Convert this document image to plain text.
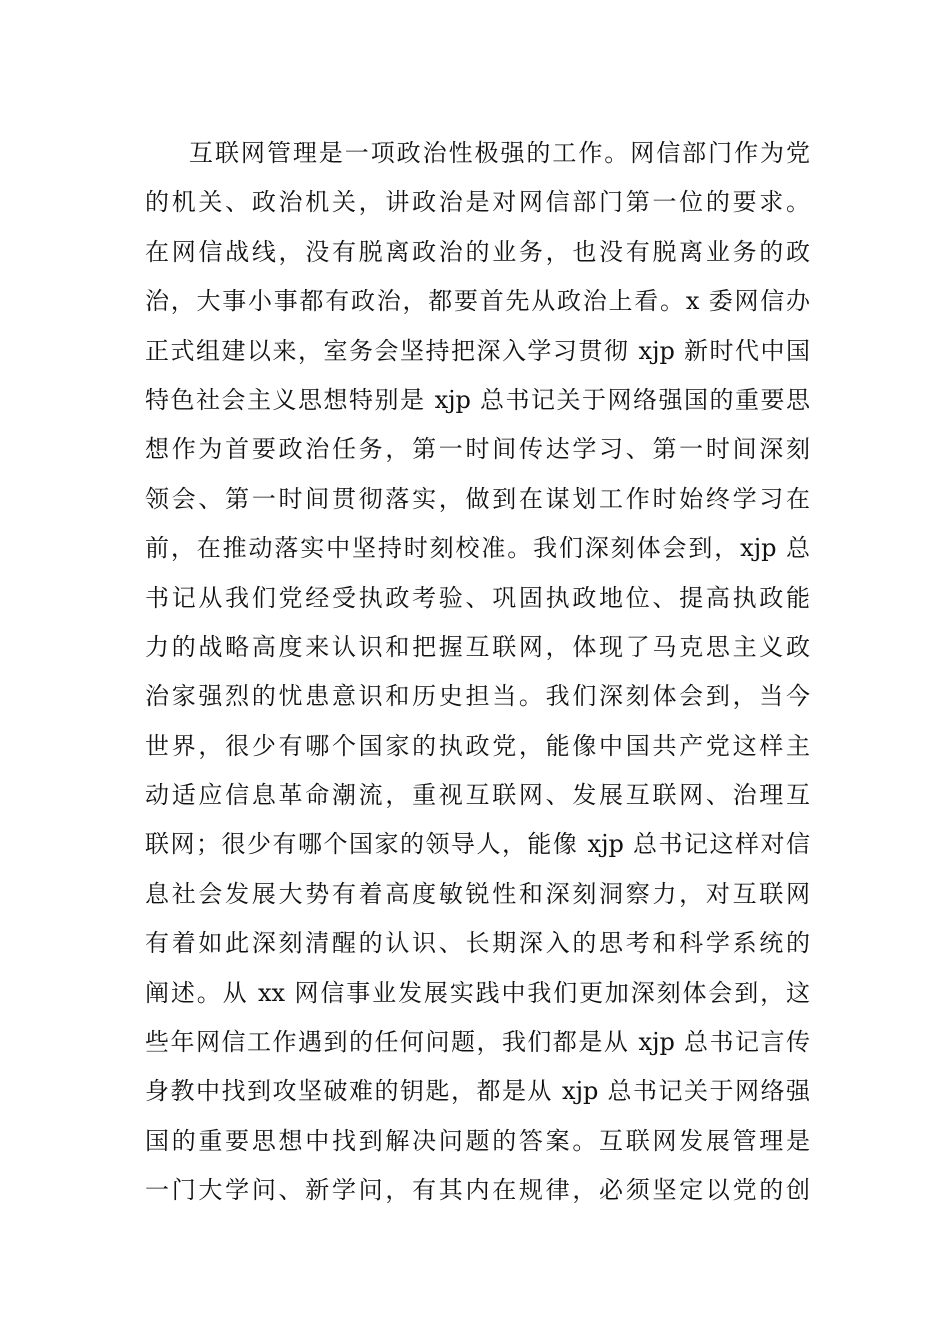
互联网管理是一项政治性极强的工作。网信部门作为党
的机关、政治机关，讲政治是对网信部门第一位的要求。
在网信战线，没有脱离政治的业务，也没有脱离业务的政
治，大事小事都有政治，都要首先从政治上看。x 委网信办
正式组建以来，室务会坚持把深入学习贯彻 xjp 新时代中国
特色社会主义思想特别是 xjp 总书记关于网络强国的重要思
想作为首要政治任务，第一时间传达学习、第一时间深刻
领会、第一时间贯彻落实，做到在谋划工作时始终学习在
前，在推动落实中坚持时刻校准。我们深刻体会到，xjp 总
书记从我们党经受执政考验、巩固执政地位、提高执政能
力的战略高度来认识和把握互联网，体现了马克思主义政
治家强烈的忧患意识和历史担当。我们深刻体会到，当今
世界，很少有哪个国家的执政党，能像中国共产党这样主
动适应信息革命潮流，重视互联网、发展互联网、治理互
联网；很少有哪个国家的领导人，能像 xjp 总书记这样对信
息社会发展大势有着高度敏锐性和深刻洞察力，对互联网
有着如此深刻清醒的认识、长期深入的思考和科学系统的
阐述。从 xx 网信事业发展实践中我们更加深刻体会到，这
些年网信工作遇到的任何问题，我们都是从 xjp 总书记言传
身教中找到攻坚破难的钥匙，都是从 xjp 总书记关于网络强
国的重要思想中找到解决问题的答案。互联网发展管理是
一门大学问、新学问，有其内在规律，必须坚定以党的创
